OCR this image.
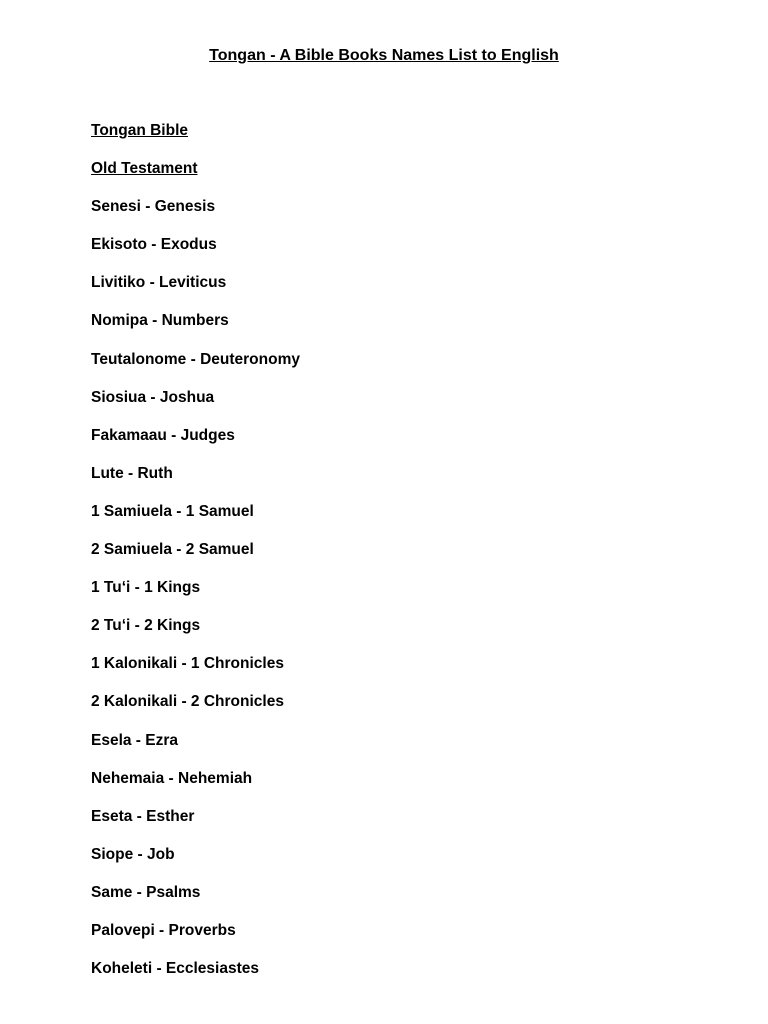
Tongan - A Bible Books Names List to English
Tongan Bible
Old Testament
Senesi - Genesis
Ekisoto - Exodus
Livitiko - Leviticus
Nomipa - Numbers
Teutalonome - Deuteronomy
Siosiua - Joshua
Fakamaau - Judges
Lute - Ruth
1 Samiuela - 1 Samuel
2 Samiuela - 2 Samuel
1 Tuʻi - 1 Kings
2 Tuʻi - 2 Kings
1 Kalonikali - 1 Chronicles
2 Kalonikali - 2 Chronicles
Esela - Ezra
Nehemaia - Nehemiah
Eseta - Esther
Siope - Job
Same - Psalms
Palovepi - Proverbs
Koheleti - Ecclesiastes
